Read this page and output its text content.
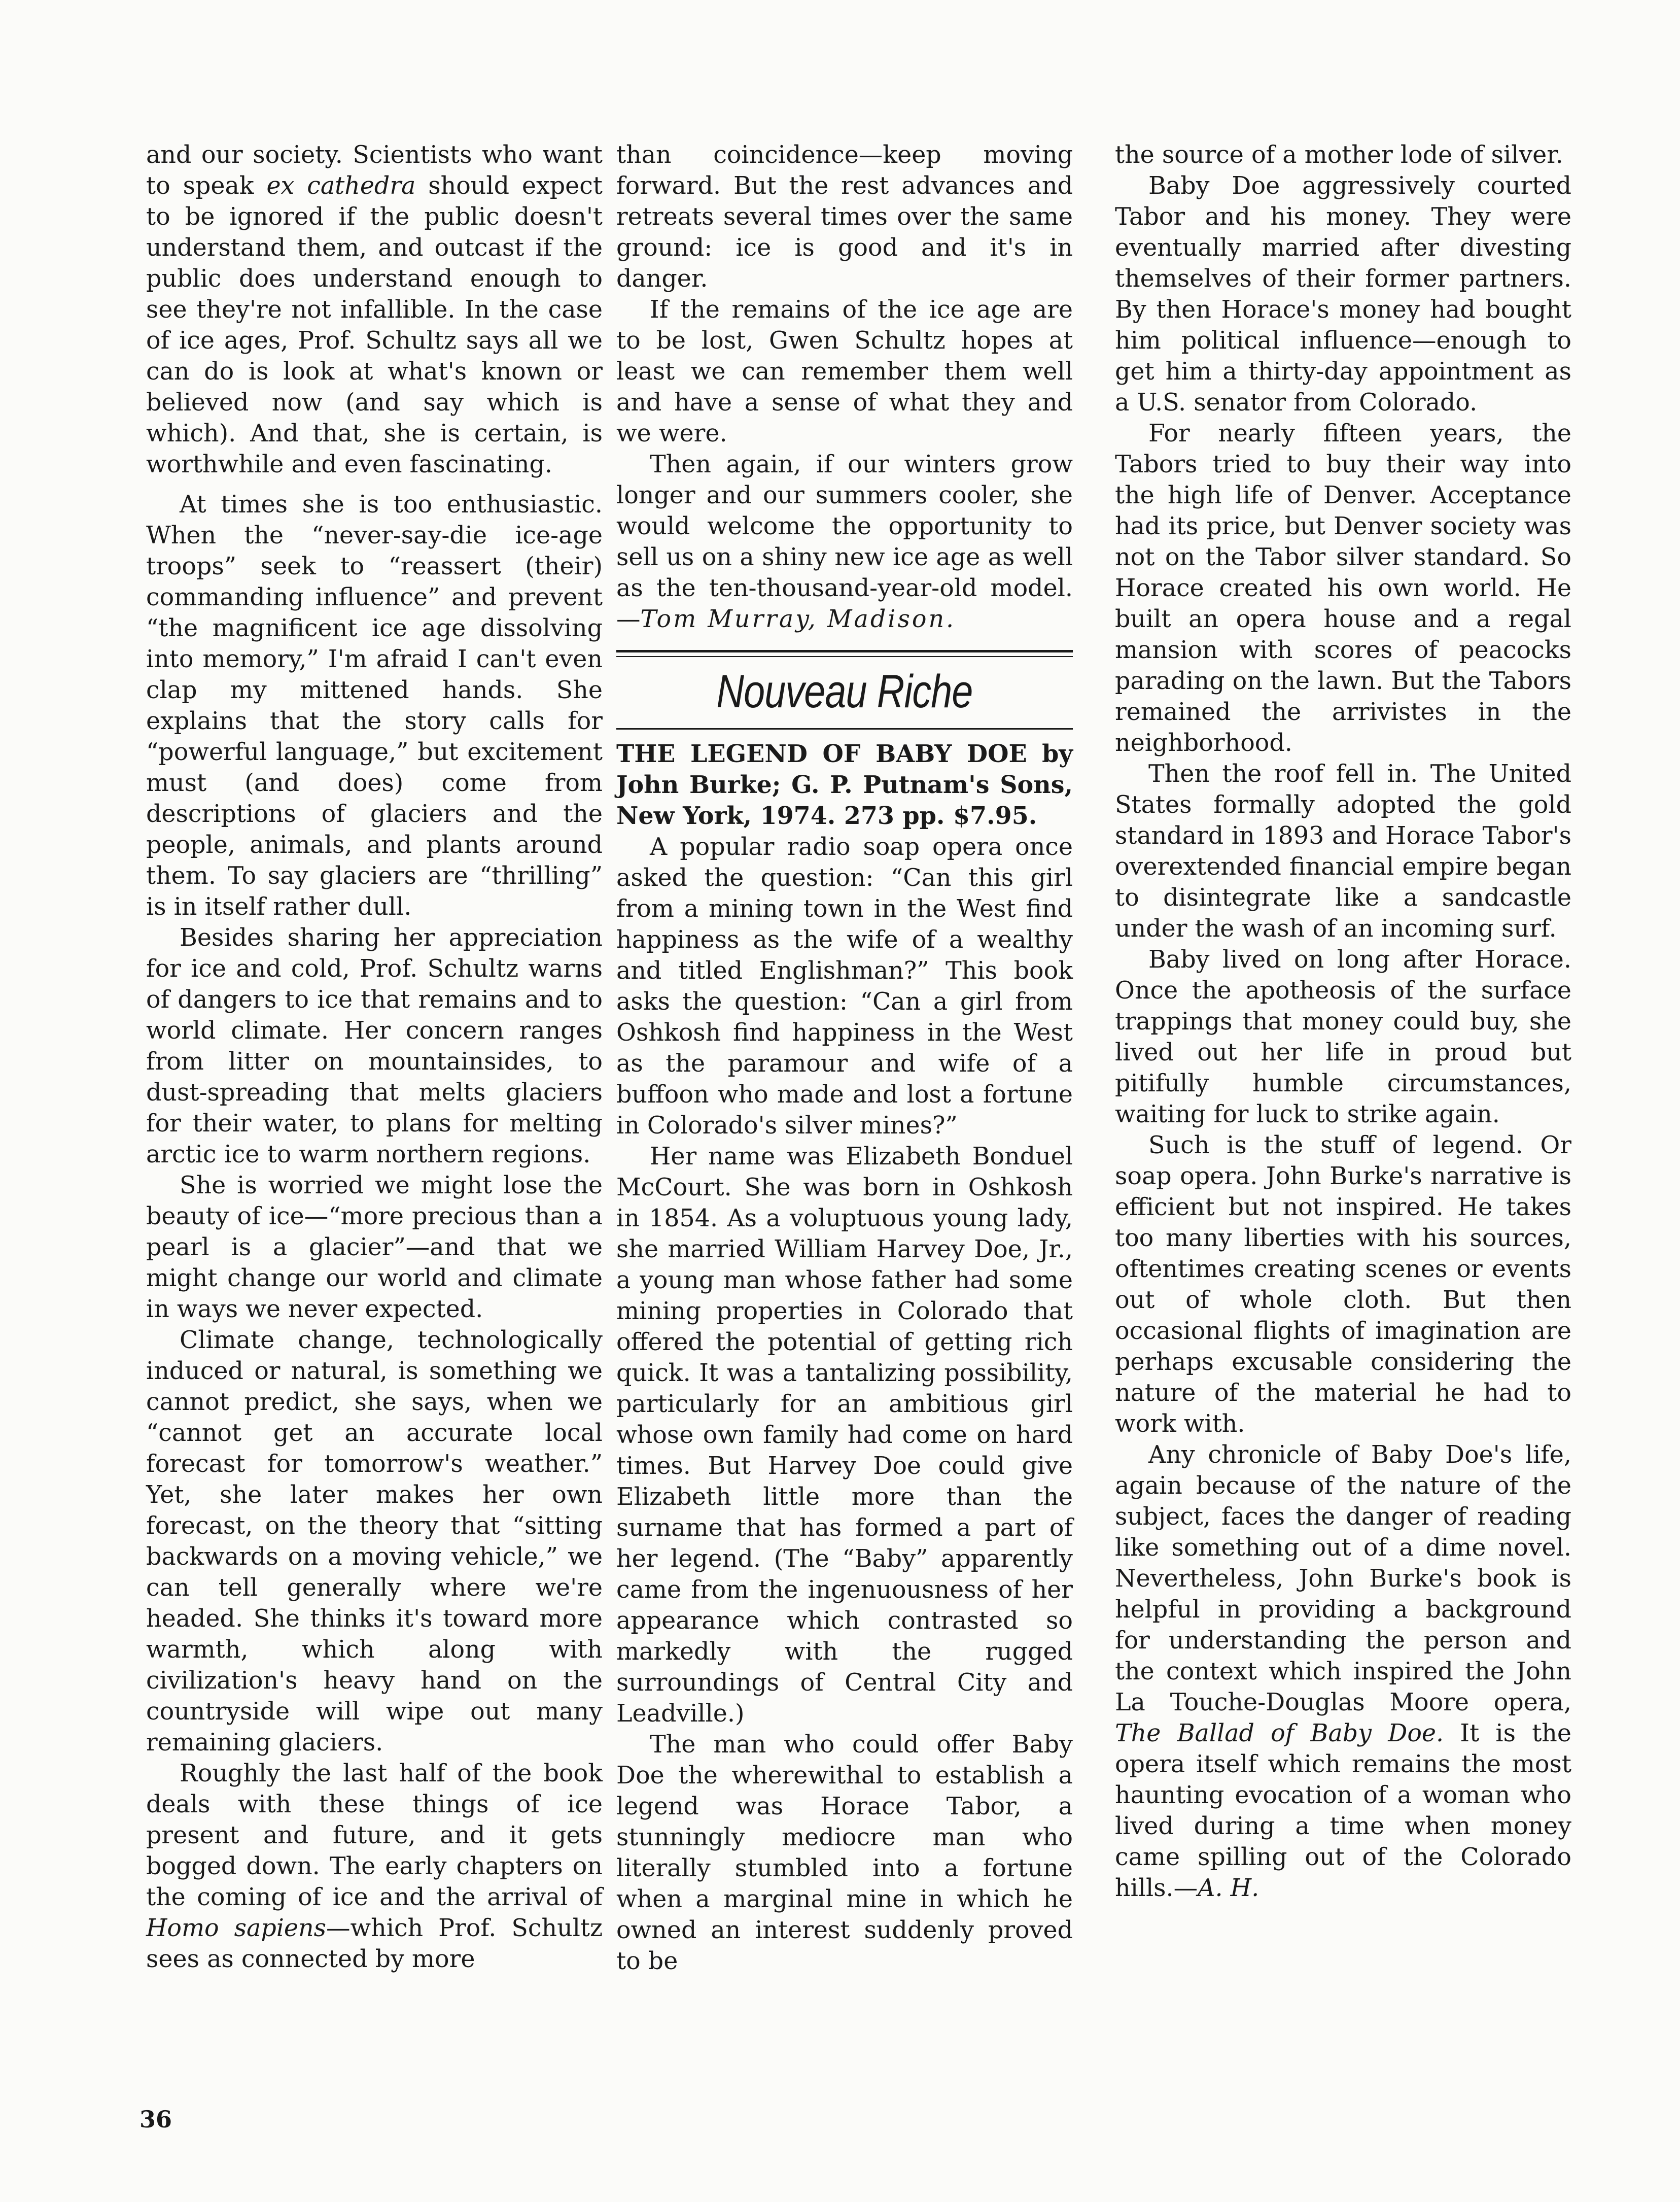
and our society. Scientists who want to speak ex cathedra should expect to be ignored if the public doesn't understand them, and outcast if the public does understand enough to see they're not infallible. In the case of ice ages, Prof. Schultz says all we can do is look at what's known or believed now (and say which is which). And that, she is certain, is worthwhile and even fascinating.

At times she is too enthusiastic. When the “never-say-die ice-age troops” seek to “reassert (their) commanding influence” and prevent “the magnificent ice age dissolving into memory,” I'm afraid I can't even clap my mittened hands. She explains that the story calls for “powerful language,” but excitement must (and does) come from descriptions of glaciers and the people, animals, and plants around them. To say glaciers are “thrilling” is in itself rather dull.

Besides sharing her appreciation for ice and cold, Prof. Schultz warns of dangers to ice that remains and to world climate. Her concern ranges from litter on mountainsides, to dust-spreading that melts glaciers for their water, to plans for melting arctic ice to warm northern regions.

She is worried we might lose the beauty of ice—“more precious than a pearl is a glacier”—and that we might change our world and climate in ways we never expected.

Climate change, technologically induced or natural, is something we cannot predict, she says, when we “cannot get an accurate local forecast for tomorrow's weather.” Yet, she later makes her own forecast, on the theory that “sitting backwards on a moving vehicle,” we can tell generally where we're headed. She thinks it's toward more warmth, which along with civilization's heavy hand on the countryside will wipe out many remaining glaciers.

Roughly the last half of the book deals with these things of ice present and future, and it gets bogged down. The early chapters on the coming of ice and the arrival of Homo sapiens—which Prof. Schultz sees as connected by more

than coincidence—keep moving forward. But the rest advances and retreats several times over the same ground: ice is good and it's in danger.

If the remains of the ice age are to be lost, Gwen Schultz hopes at least we can remember them well and have a sense of what they and we were.

Then again, if our winters grow longer and our summers cooler, she would welcome the opportunity to sell us on a shiny new ice age as well as the ten-thousand-year-old model.—Tom Murray, Madison.

Nouveau Riche

THE LEGEND OF BABY DOE by John Burke; G. P. Putnam's Sons, New York, 1974. 273 pp. $7.95.

A popular radio soap opera once asked the question: “Can this girl from a mining town in the West find happiness as the wife of a wealthy and titled Englishman?” This book asks the question: “Can a girl from Oshkosh find happiness in the West as the paramour and wife of a buffoon who made and lost a fortune in Colorado's silver mines?”

Her name was Elizabeth Bonduel McCourt. She was born in Oshkosh in 1854. As a voluptuous young lady, she married William Harvey Doe, Jr., a young man whose father had some mining properties in Colorado that offered the potential of getting rich quick. It was a tantalizing possibility, particularly for an ambitious girl whose own family had come on hard times. But Harvey Doe could give Elizabeth little more than the surname that has formed a part of her legend. (The “Baby” apparently came from the ingenuousness of her appearance which contrasted so markedly with the rugged surroundings of Central City and Leadville.)

The man who could offer Baby Doe the wherewithal to establish a legend was Horace Tabor, a stunningly mediocre man who literally stumbled into a fortune when a marginal mine in which he owned an interest suddenly proved to be

the source of a mother lode of silver.

Baby Doe aggressively courted Tabor and his money. They were eventually married after divesting themselves of their former partners. By then Horace's money had bought him political influence—enough to get him a thirty-day appointment as a U.S. senator from Colorado.

For nearly fifteen years, the Tabors tried to buy their way into the high life of Denver. Acceptance had its price, but Denver society was not on the Tabor silver standard. So Horace created his own world. He built an opera house and a regal mansion with scores of peacocks parading on the lawn. But the Tabors remained the arrivistes in the neighborhood.

Then the roof fell in. The United States formally adopted the gold standard in 1893 and Horace Tabor's overextended financial empire began to disintegrate like a sandcastle under the wash of an incoming surf.

Baby lived on long after Horace. Once the apotheosis of the surface trappings that money could buy, she lived out her life in proud but pitifully humble circumstances, waiting for luck to strike again.

Such is the stuff of legend. Or soap opera. John Burke's narrative is efficient but not inspired. He takes too many liberties with his sources, oftentimes creating scenes or events out of whole cloth. But then occasional flights of imagination are perhaps excusable considering the nature of the material he had to work with.

Any chronicle of Baby Doe's life, again because of the nature of the subject, faces the danger of reading like something out of a dime novel. Nevertheless, John Burke's book is helpful in providing a background for understanding the person and the context which inspired the John La Touche-Douglas Moore opera, The Ballad of Baby Doe. It is the opera itself which remains the most haunting evocation of a woman who lived during a time when money came spilling out of the Colorado hills.—A. H.

36
